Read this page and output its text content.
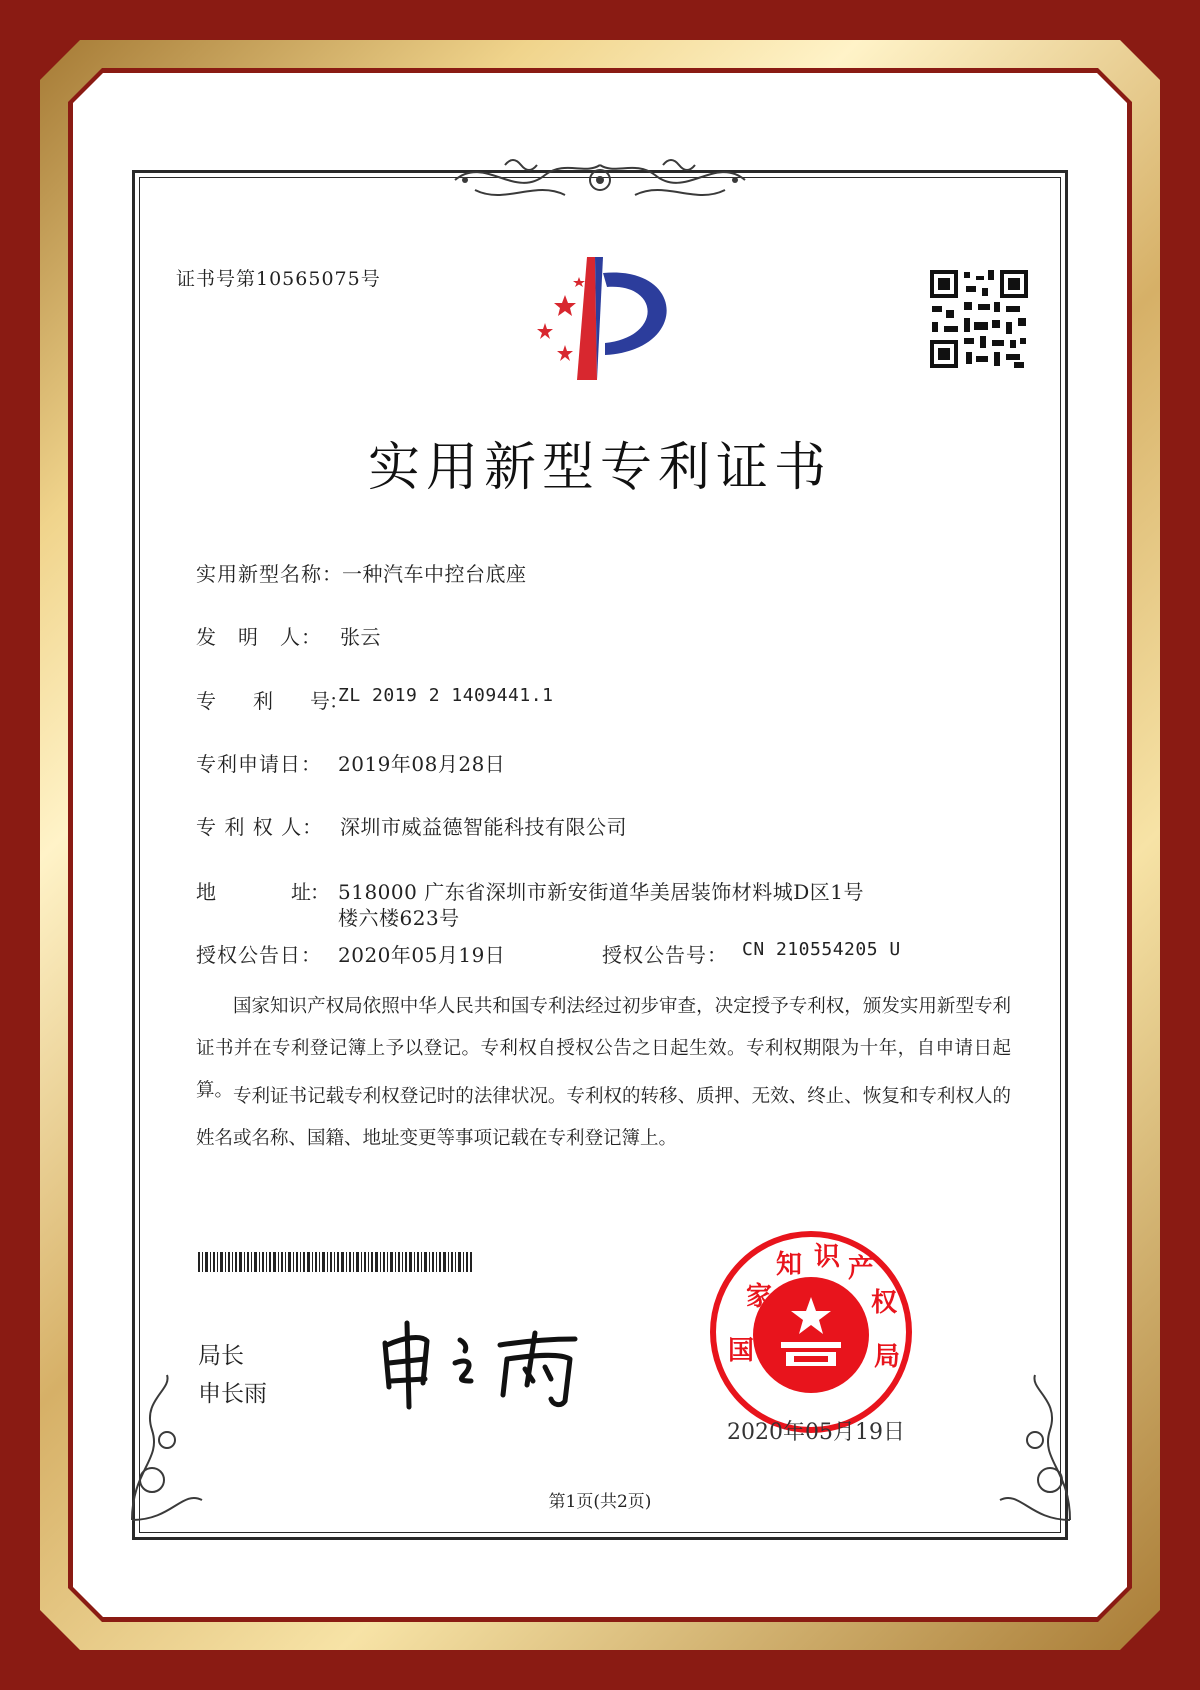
证书号第10565075号
实用新型专利证书
实用新型名称： 一种汽车中控台底座
发　明　人： 张云
专　　利　　号：
ZL 2019 2 1409441.1
专利申请日： 2019年08月28日
专 利 权 人： 深圳市威益德智能科技有限公司
地　　　　址： 518000 广东省深圳市新安街道华美居装饰材料城D区1号
楼六楼623号
授权公告日： 2020年05月19日	授权公告号： CN 210554205 U
国家知识产权局依照中华人民共和国专利法经过初步审查，决定授予专利权，颁发实用新型专利证书并在专利登记簿上予以登记。专利权自授权公告之日起生效。专利权期限为十年，自申请日起算。 专利证书记载专利权登记时的法律状况。专利权的转移、质押、无效、终止、恢复和专利权人的姓名或名称、国籍、地址变更等事项记载在专利登记簿上。
局长
申长雨
家
知 识 产
权
国	局
2020年05月19日
第1页(共2页)
